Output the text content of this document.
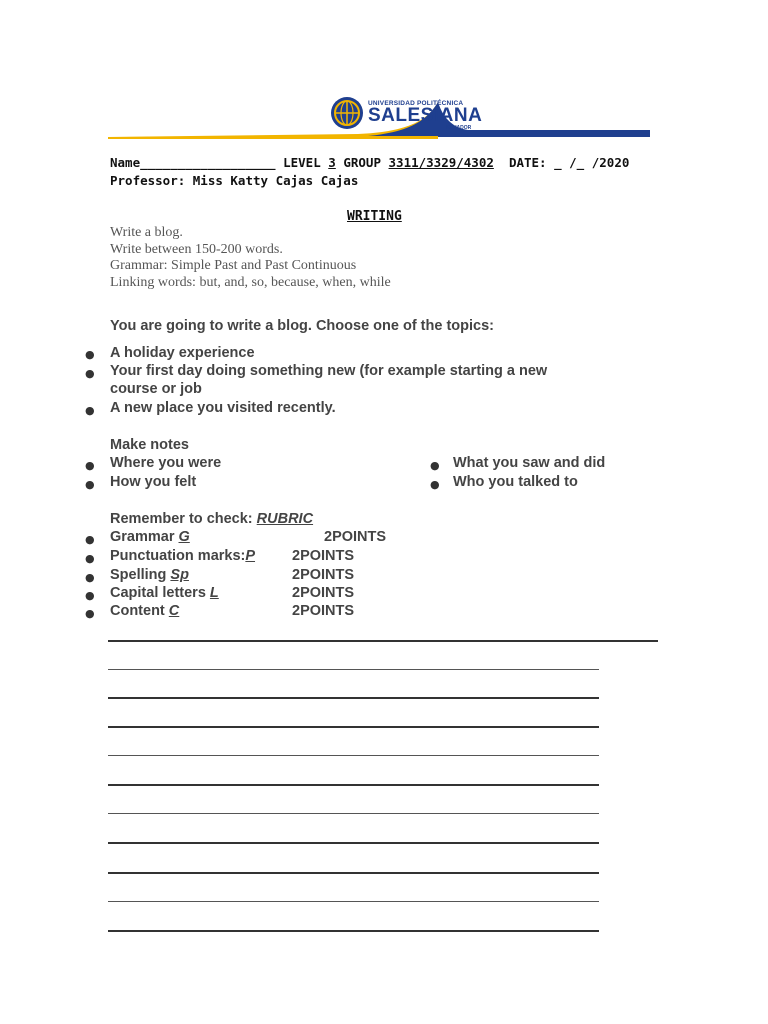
UNIVERSIDAD POLITÉCNICA
SALESIANA
ECUADOR
Name__________________ LEVEL 3 GROUP 3311/3329/4302 DATE: _ /_ /2020
Professor: Miss Katty Cajas Cajas
WRITING
Write a blog.
Write between 150-200 words.
Grammar: Simple Past and Past Continuous
Linking words: but, and, so, because, when, while
You are going to write a blog. Choose one of the topics:
● A holiday experience
● Your first day doing something new (for example starting a new
course or job
● A new place you visited recently.
Make notes
● Where you were
● How you felt
● What you saw and did
● Who you talked to
Remember to check: RUBRIC
● Grammar G	2POINTS
● Punctuation marks:P	2POINTS
● Spelling Sp	2POINTS
● Capital letters L	2POINTS
● Content C	2POINTS
